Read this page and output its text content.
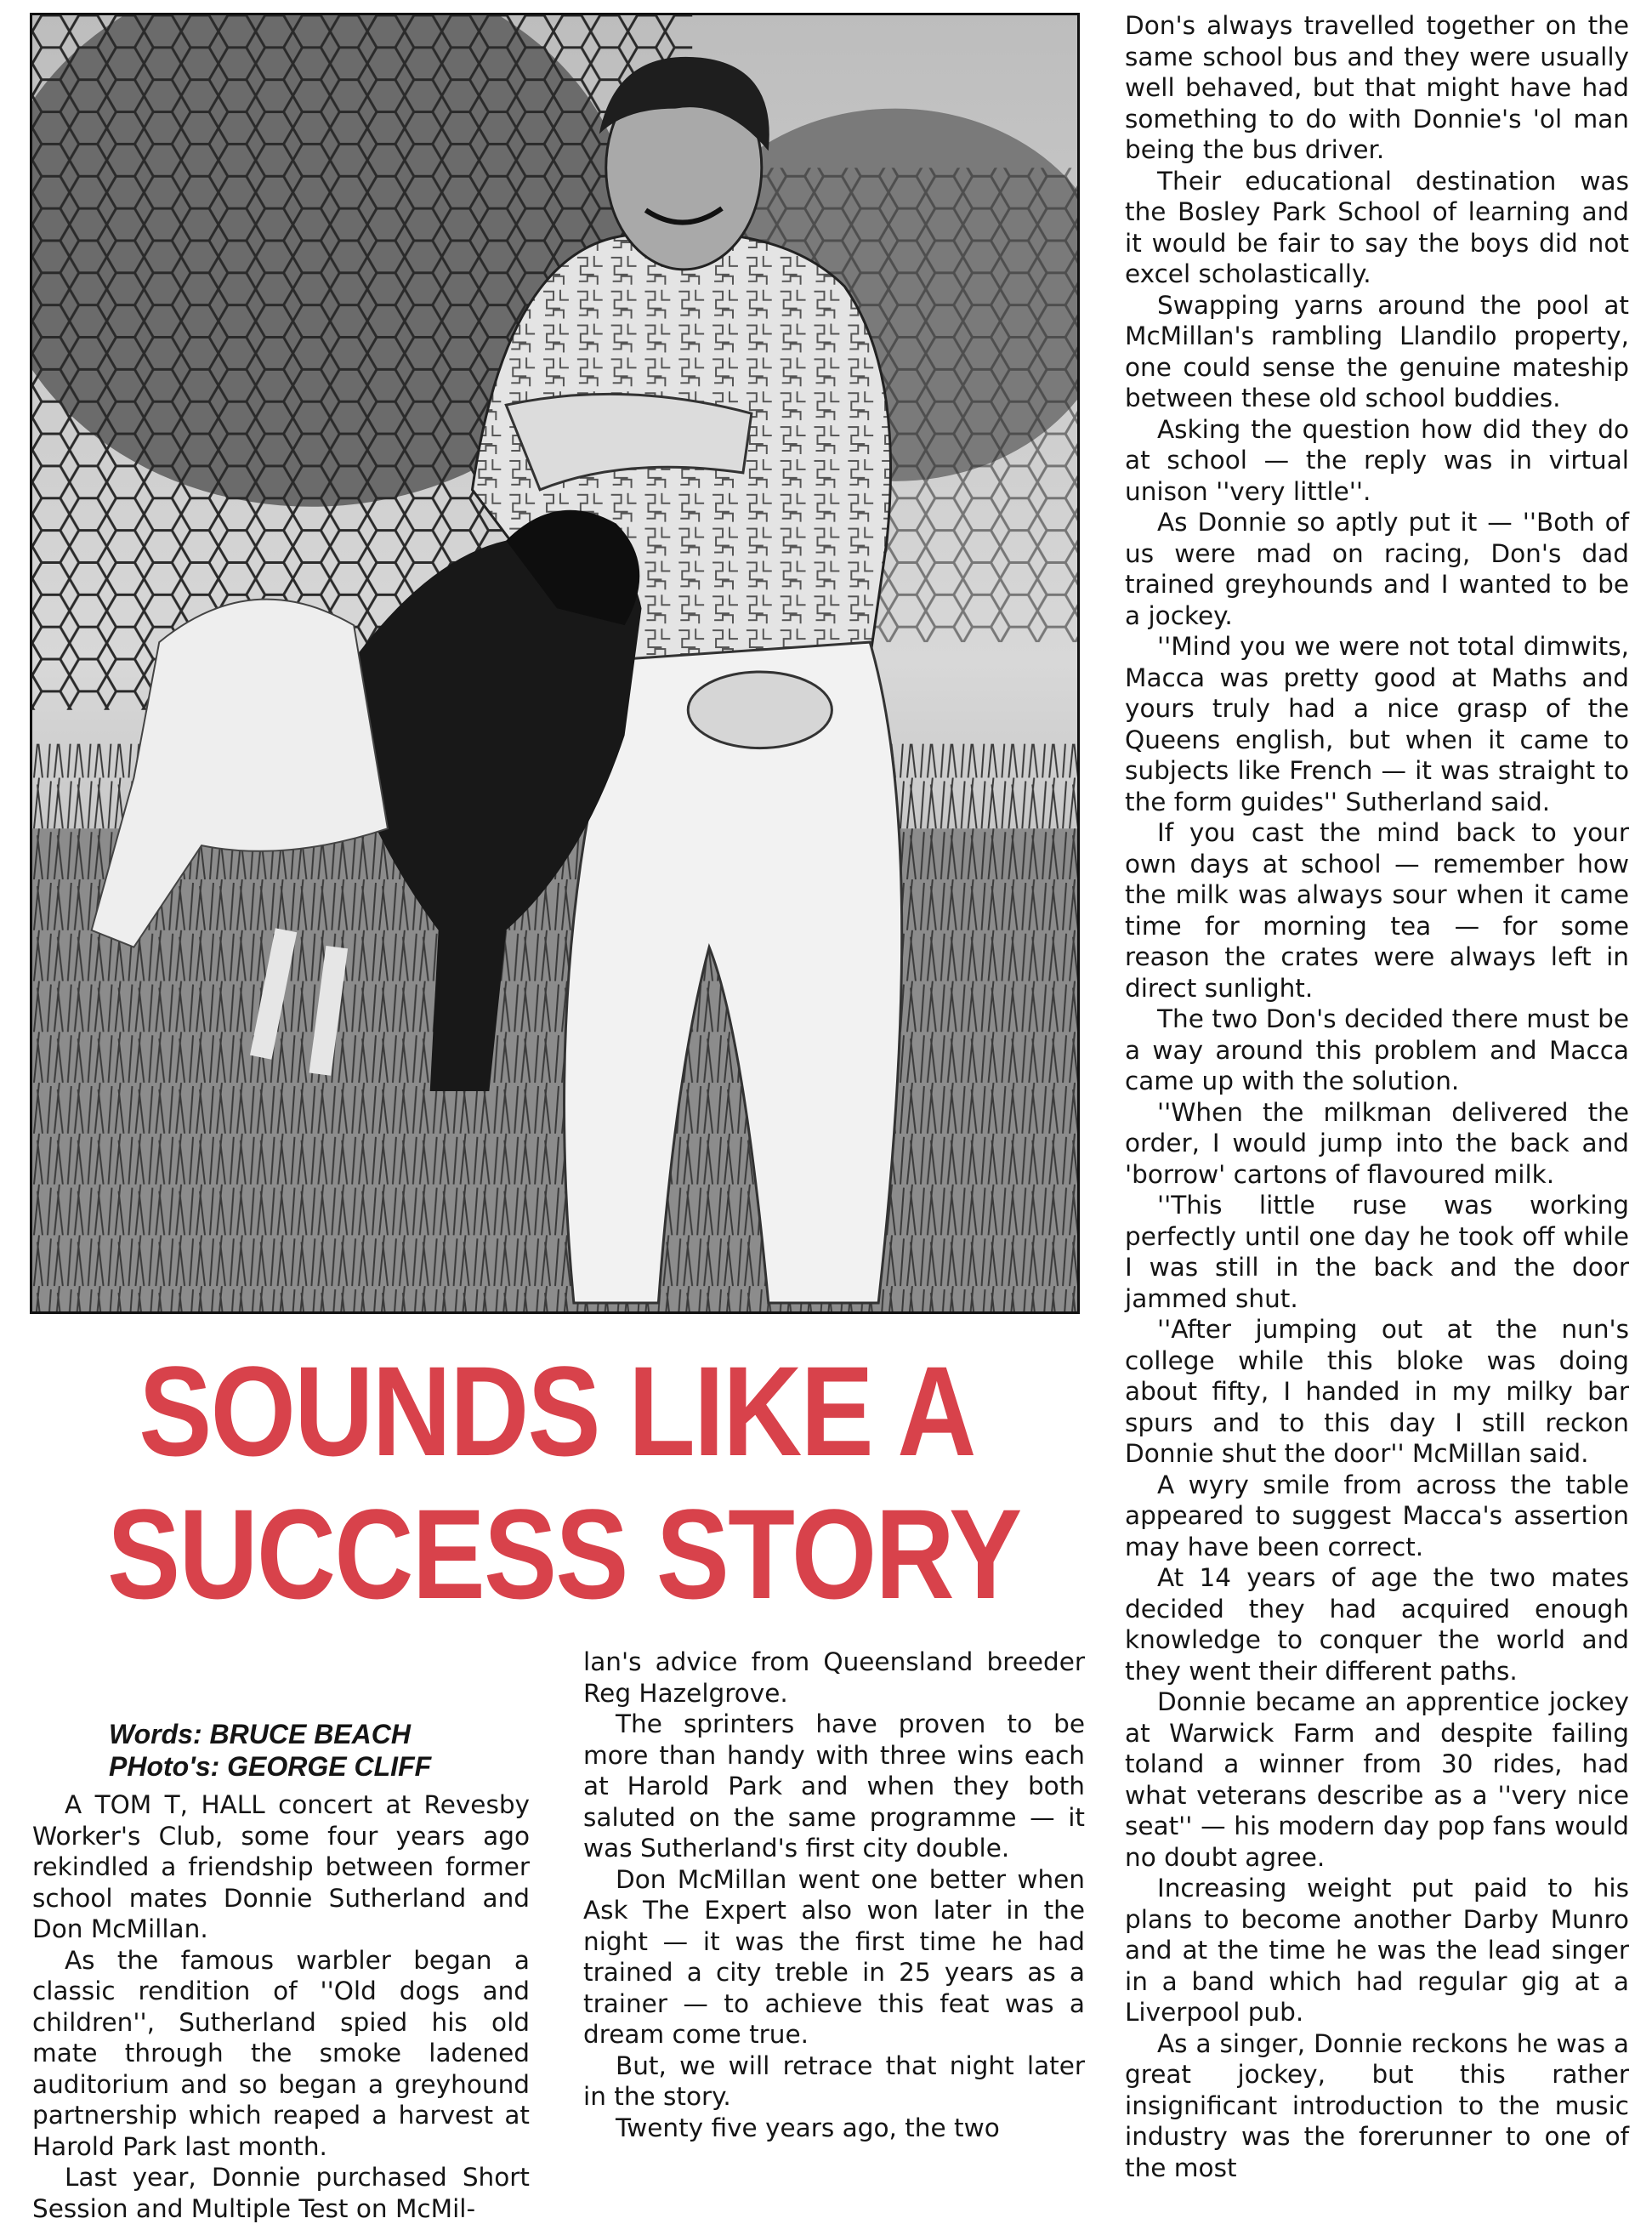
SOUNDS LIKE A
SUCCESS STORY
Words: BRUCE BEACH
PHoto's: GEORGE CLIFF

A TOM T, HALL concert at Revesby Worker's Club, some four years ago rekindled a friendship between former school mates Donnie Sutherland and Don McMillan.

As the famous warbler began a classic rendition of ''Old dogs and children'', Sutherland spied his old mate through the smoke ladened auditorium and so began a greyhound partnership which reaped a harvest at Harold Park last month.

Last year, Donnie purchased Short Session and Multiple Test on McMil-

lan's advice from Queensland breeder Reg Hazelgrove.

The sprinters have proven to be more than handy with three wins each at Harold Park and when they both saluted on the same programme — it was Sutherland's first city double.

Don McMillan went one better when Ask The Expert also won later in the night — it was the first time he had trained a city treble in 25 years as a trainer — to achieve this feat was a dream come true.

But, we will retrace that night later in the story.

Twenty five years ago, the two

Don's always travelled together on the same school bus and they were usually well behaved, but that might have had something to do with Donnie's 'ol man being the bus driver.

Their educational destination was the Bosley Park School of learning and it would be fair to say the boys did not excel scholastically.

Swapping yarns around the pool at McMillan's rambling Llandilo property, one could sense the genuine mateship between these old school buddies.

Asking the question how did they do at school — the reply was in virtual unison ''very little''.

As Donnie so aptly put it — ''Both of us were mad on racing, Don's dad trained greyhounds and I wanted to be a jockey.

''Mind you we were not total dimwits, Macca was pretty good at Maths and yours truly had a nice grasp of the Queens english, but when it came to subjects like French — it was straight to the form guides'' Sutherland said.

If you cast the mind back to your own days at school — remember how the milk was always sour when it came time for morning tea — for some reason the crates were always left in direct sunlight.

The two Don's decided there must be a way around this problem and Macca came up with the solution.

''When the milkman delivered the order, I would jump into the back and 'borrow' cartons of flavoured milk.

''This little ruse was working perfectly until one day he took off while I was still in the back and the door jammed shut.

''After jumping out at the nun's college while this bloke was doing about fifty, I handed in my milky bar spurs and to this day I still reckon Donnie shut the door'' McMillan said.

A wyry smile from across the table appeared to suggest Macca's assertion may have been correct.

At 14 years of age the two mates decided they had acquired enough knowledge to conquer the world and they went their different paths.

Donnie became an apprentice jockey at Warwick Farm and despite failing toland a winner from 30 rides, had what veterans describe as a ''very nice seat'' — his modern day pop fans would no doubt agree.

Increasing weight put paid to his plans to become another Darby Munro and at the time he was the lead singer in a band which had regular gig at a Liverpool pub.

As a singer, Donnie reckons he was a great jockey, but this rather insignificant introduction to the music industry was the forerunner to one of the most
